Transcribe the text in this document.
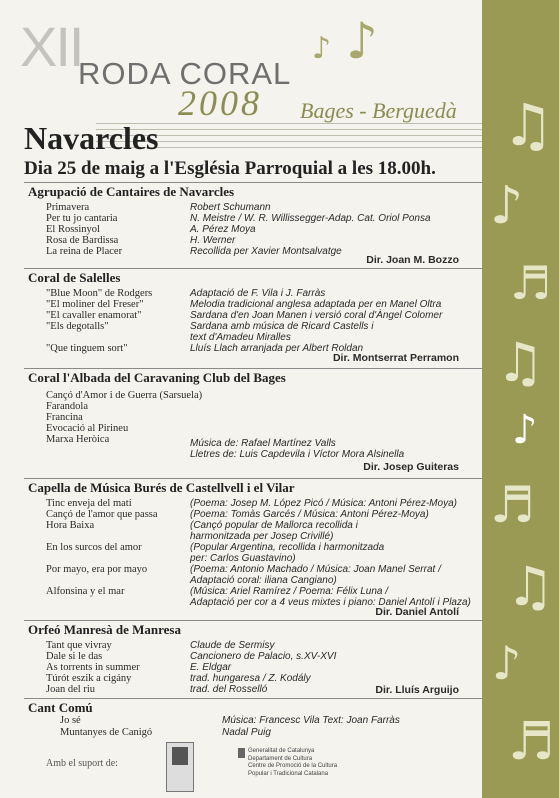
♫
♪
♬
♫
♪
♬
♫
♪
♬
XII
RODA CORAL
2008 Bages - Berguedà
♪ ♪
Navarcles
Dia 25 de maig a l'Església Parroquial a les 18.00h.
Agrupació de Cantaires de Navarcles
Primavera	Robert Schumann
Per tu jo cantaria	N. Meistre / W. R. Willissegger-Adap. Cat. Oriol Ponsa
El Rossinyol	A. Pérez Moya
Rosa de Bardissa	H. Werner
La reina de Placer	Recollida per Xavier Montsalvatge
Dir. Joan M. Bozzo
Coral de Salelles
"Blue Moon" de Rodgers	Adaptació de F. Vila i J. Farràs
"El moliner del Freser"	Melodia tradicional anglesa adaptada per en Manel Oltra
"El cavaller enamorat"	Sardana d'en Joan Manen i versió coral d'Àngel Colomer
"Els degotalls"	Sardana amb música de Ricard Castells i
text d'Amadeu Miralles
"Que tinguem sort"	Lluís Llach arranjada per Albert Roldan
Dir. Montserrat Perramon
Coral l'Albada del Caravaning Club del Bages
Cançó d'Amor i de Guerra (Sarsuela)
Farandola
Francina
Evocació al Pirineu
Marxa Heròica	Música de: Rafael Martínez Valls
Lletres de: Luis Capdevila i Víctor Mora Alsinella
Dir. Josep Guiteras
Capella de Música Burés de Castellvell i el Vilar
Tinc enveja del matí	(Poema: Josep M. López Picó / Música: Antoni Pérez-Moya)
Cançó de l'amor que passa	(Poema: Tomàs Garcés / Música: Antoni Pérez-Moya)
Hora Baixa	(Cançó popular de Mallorca recollida i
harmonitzada per Josep Crivillé)
En los surcos del amor	(Popular Argentina, recollida i harmonitzada
per: Carlos Guastavino)
Por mayo, era por mayo	(Poema: Antonio Machado / Música: Joan Manel Serrat /
Adaptació coral: iliana Cangiano)
Alfonsina y el mar	(Música: Ariel Ramírez / Poema: Félix Luna /
Adaptació per cor a 4 veus mixtes i piano: Daniel Antolí i Plaza)
Dir. Daniel Antolí
Orfeó Manresà de Manresa
Tant que vivray	Claude de Sermisy
Dale si le das	Cancionero de Palacio, s.XV-XVI
As torrents in summer	E. Eldgar
Túrót eszik a cigány	trad. hungaresa / Z. Kodály
Joan del riu	trad. del Rosselló	Dir. Lluís Arguijo
Cant Comú
Jo sé	Música: Francesc Vila Text: Joan Farràs
Muntanyes de Canigó	Nadal Puig
Amb el suport de:
Generalitat de Catalunya
Departament de Cultura
Centre de Promoció de la Cultura
Popular i Tradicional Catalana
